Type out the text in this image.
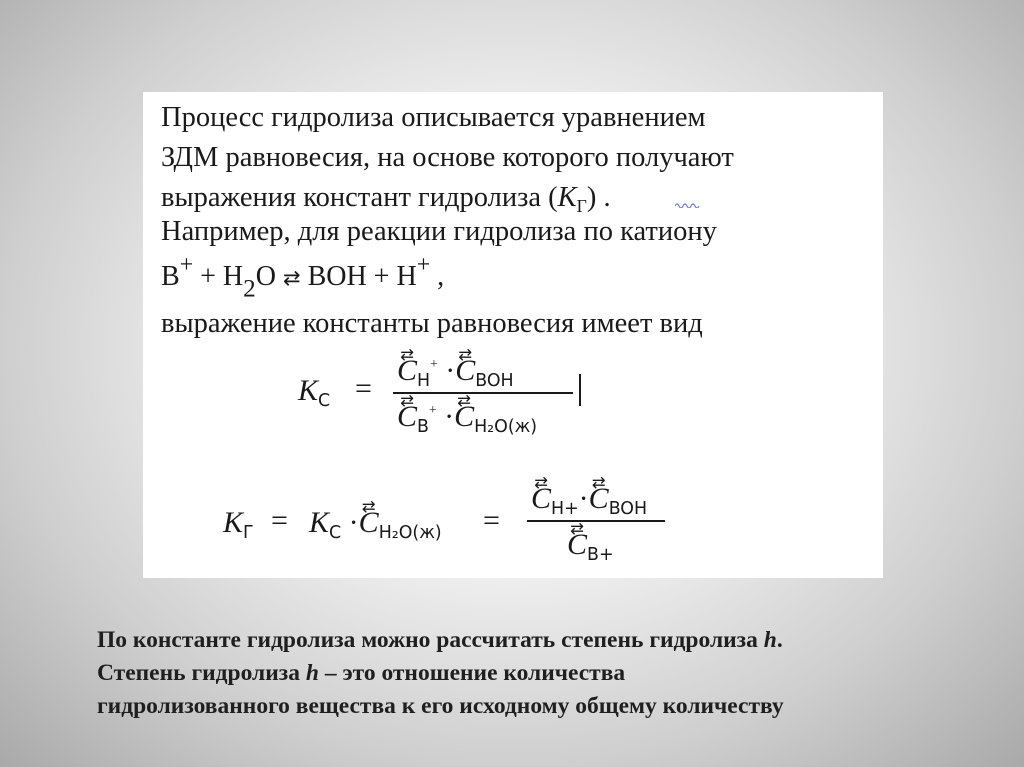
Процесс гидролиза описывается уравнением
ЗДМ равновесия, на основе которого получают
выражения констант гидролиза $(K_Г)$ .
Например, для реакции гидролиза по катиону
B+ + H2O ⇄ BOH + H+ ,
выражение константы равновесия имеет вид
$K_C$ =
⇄ $C_H^+$ ·⇄ $C_{BOH}$
⇄ $C_B^+$ ·⇄ $C_{H_2O(ж)}$
$K_Г = K_C$ ·⇄ $C_{H_2O(ж)}$ =
⇄ $C_{H+}\cdot⇄$ $C_{BOH}$
⇄ $C_{B+}$
По константе гидролиза можно рассчитать степень гидролиза h.
Степень гидролиза h – это отношение количества
гидролизованного вещества к его исходному общему количеству
